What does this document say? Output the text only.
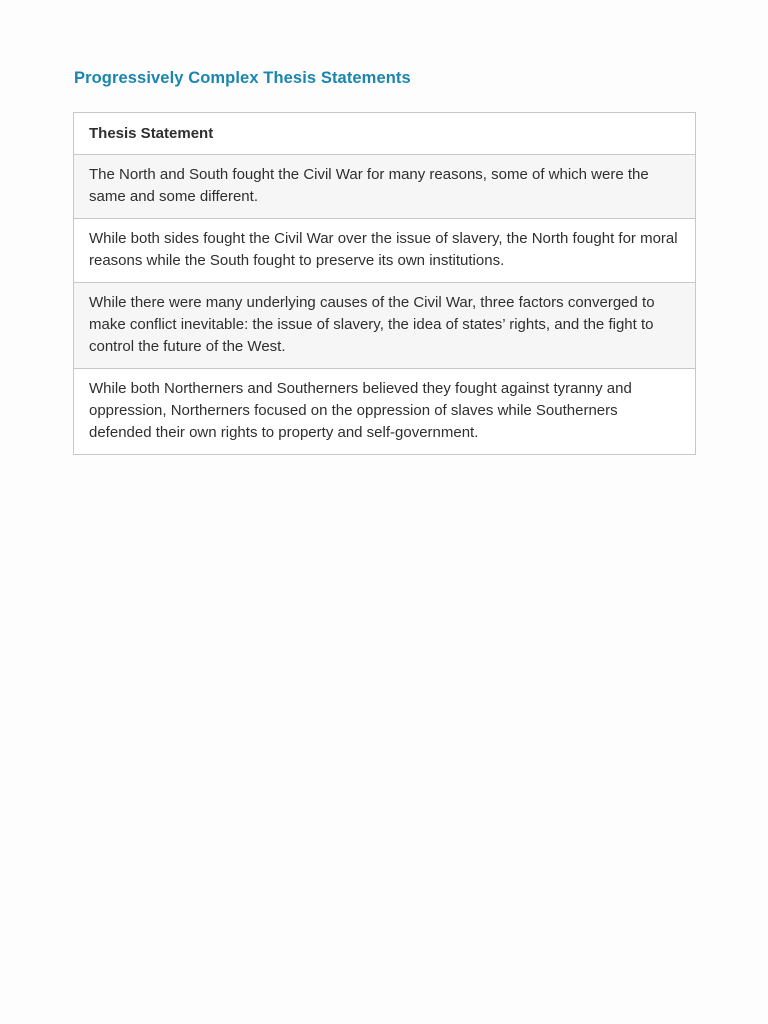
Progressively Complex Thesis Statements
Thesis Statement
The North and South fought the Civil War for many reasons, some of which were the same and some different.
While both sides fought the Civil War over the issue of slavery, the North fought for moral reasons while the South fought to preserve its own institutions.
While there were many underlying causes of the Civil War, three factors converged to make conflict inevitable: the issue of slavery, the idea of states’ rights, and the fight to control the future of the West.
While both Northerners and Southerners believed they fought against tyranny and oppression, Northerners focused on the oppression of slaves while Southerners defended their own rights to property and self-government.
